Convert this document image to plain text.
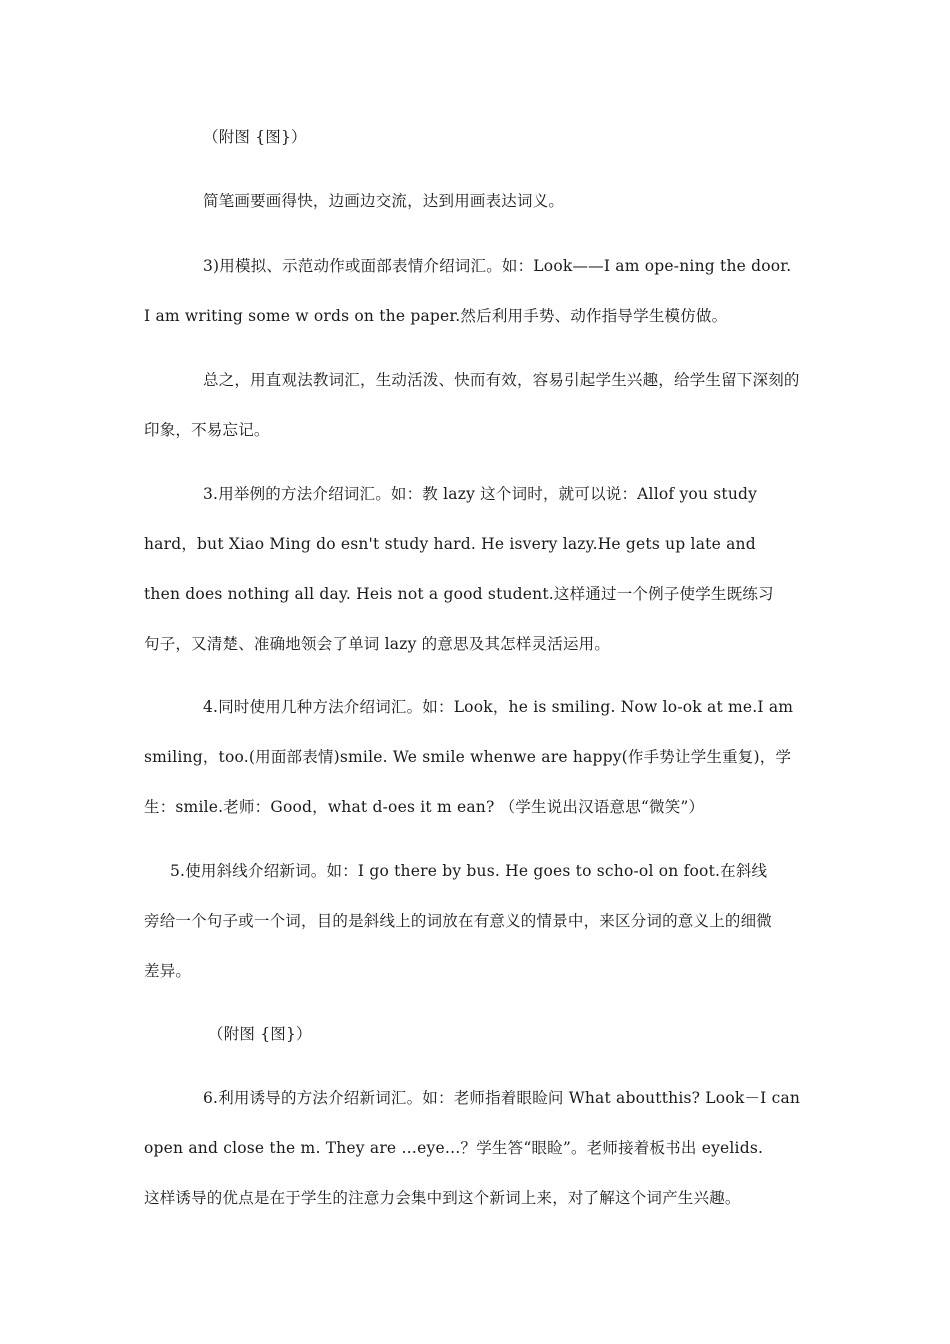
（附图 {图}）
简笔画要画得快，边画边交流，达到用画表达词义。
3)用模拟、示范动作或面部表情介绍词汇。如：Look——I am ope-ning the door.
I am writing some w ords on the paper.然后利用手势、动作指导学生模仿做。
总之，用直观法教词汇，生动活泼、快而有效，容易引起学生兴趣，给学生留下深刻的
印象，不易忘记。
3.用举例的方法介绍词汇。如：教 lazy 这个词时，就可以说：Allof you study
hard，but Xiao Ming do esn't study hard. He isvery lazy.He gets up late and
then does nothing all day. Heis not a good student.这样通过一个例子使学生既练习
句子，又清楚、准确地领会了单词 lazy 的意思及其怎样灵活运用。
4.同时使用几种方法介绍词汇。如：Look，he is smiling. Now lo-ok at me.I am
smiling，too.(用面部表情)smile. We smile whenwe are happy(作手势让学生重复)，学
生：smile.老师：Good，what d-oes it m ean? （学生说出汉语意思“微笑”）
5.使用斜线介绍新词。如：I go there by bus. He goes to scho-ol on foot.在斜线
旁给一个句子或一个词，目的是斜线上的词放在有意义的情景中，来区分词的意义上的细微
差异。
（附图 {图}）
6.利用诱导的方法介绍新词汇。如：老师指着眼睑问 What aboutthis? Look－I can
open and close the m. They are …eye…？学生答“眼睑”。老师接着板书出 eyelids.
这样诱导的优点是在于学生的注意力会集中到这个新词上来，对了解这个词产生兴趣。
